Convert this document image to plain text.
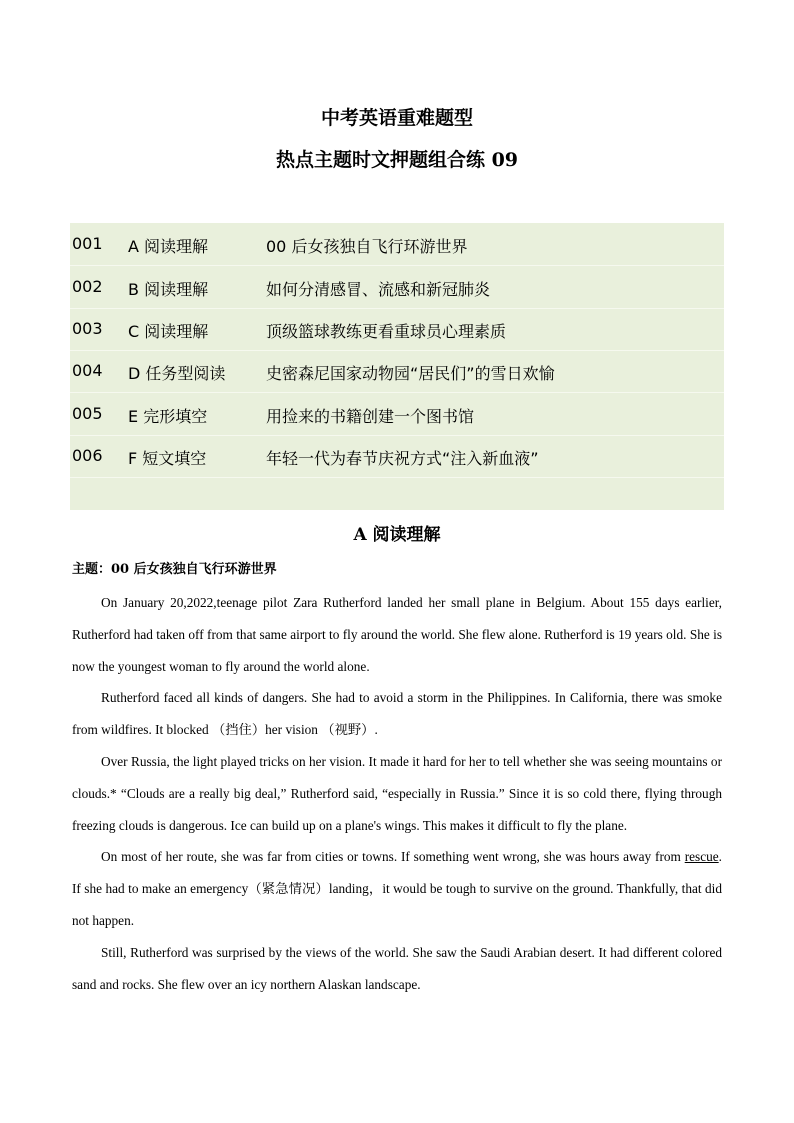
中考英语重难题型
热点主题时文押题组合练 09
001 A 阅读理解	00 后女孩独自飞行环游世界
002 B 阅读理解	如何分清感冒、流感和新冠肺炎
003 C 阅读理解	顶级篮球教练更看重球员心理素质
004 D 任务型阅读	史密森尼国家动物园“居民们”的雪日欢愉
005 E 完形填空	用捡来的书籍创建一个图书馆
006 F 短文填空	年轻一代为春节庆祝方式“注入新血液”
A 阅读理解
主题：00 后女孩独自飞行环游世界

On January 20,2022,teenage pilot Zara Rutherford landed her small plane in Belgium. About 155 days earlier, Rutherford had taken off from that same airport to fly around the world. She flew alone. Rutherford is 19 years old. She is now the youngest woman to fly around the world alone.

Rutherford faced all kinds of dangers. She had to avoid a storm in the Philippines. In California, there was smoke from wildfires. It blocked （挡住）her vision （视野）.

Over Russia, the light played tricks on her vision. It made it hard for her to tell whether she was seeing mountains or clouds.* “Clouds are a really big deal,” Rutherford said, “especially in Russia.” Since it is so cold there, flying through freezing clouds is dangerous. Ice can build up on a plane's wings. This makes it difficult to fly the plane.

On most of her route, she was far from cities or towns. If something went wrong, she was hours away from rescue. If she had to make an emergency（紧急情况）landing，it would be tough to survive on the ground. Thankfully, that did not happen.

Still, Rutherford was surprised by the views of the world. She saw the Saudi Arabian desert. It had different colored sand and rocks. She flew over an icy northern Alaskan landscape.
